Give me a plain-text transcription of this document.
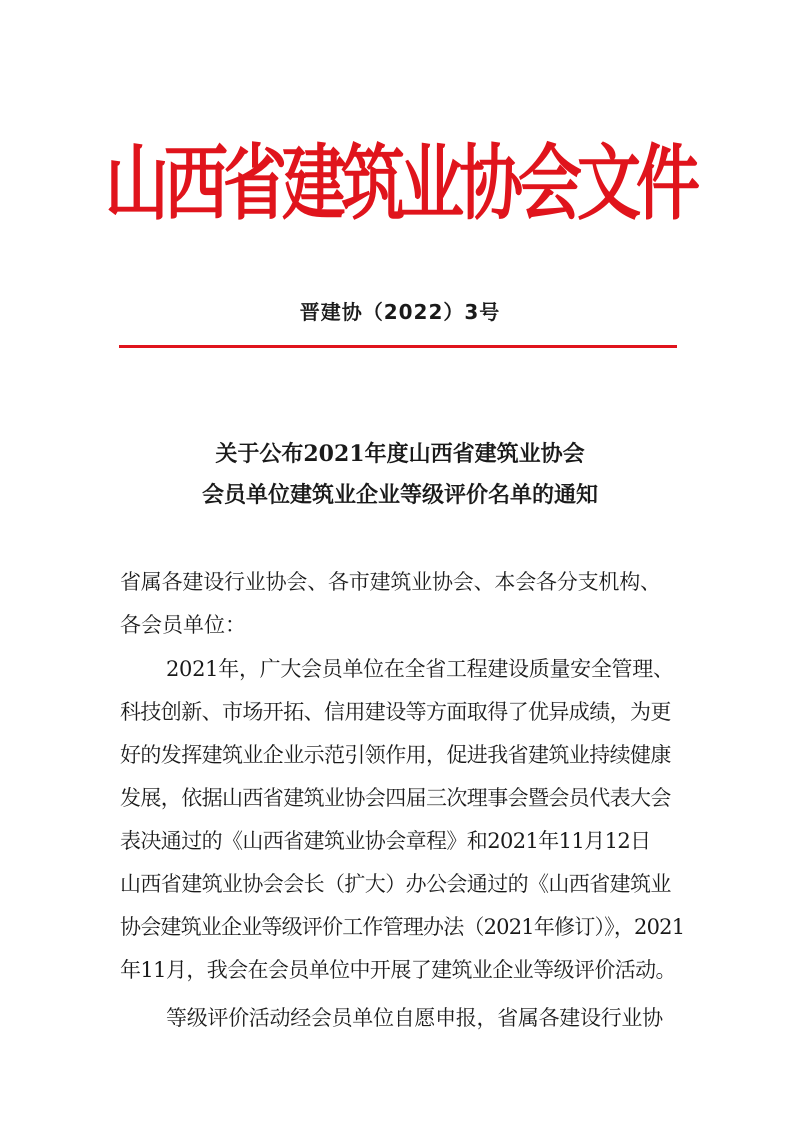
山西省建筑业协会文件
晋建协（2022）3号
关于公布2021年度山西省建筑业协会
会员单位建筑业企业等级评价名单的通知
省属各建设行业协会、各市建筑业协会、本会各分支机构、
各会员单位：
2021年，广大会员单位在全省工程建设质量安全管理、
科技创新、市场开拓、信用建设等方面取得了优异成绩，为更
好的发挥建筑业企业示范引领作用，促进我省建筑业持续健康
发展，依据山西省建筑业协会四届三次理事会暨会员代表大会
表决通过的《山西省建筑业协会章程》和2021年11月12日
山西省建筑业协会会长（扩大）办公会通过的《山西省建筑业
协会建筑业企业等级评价工作管理办法（2021年修订）》，2021
年11月，我会在会员单位中开展了建筑业企业等级评价活动。
等级评价活动经会员单位自愿申报，省属各建设行业协
